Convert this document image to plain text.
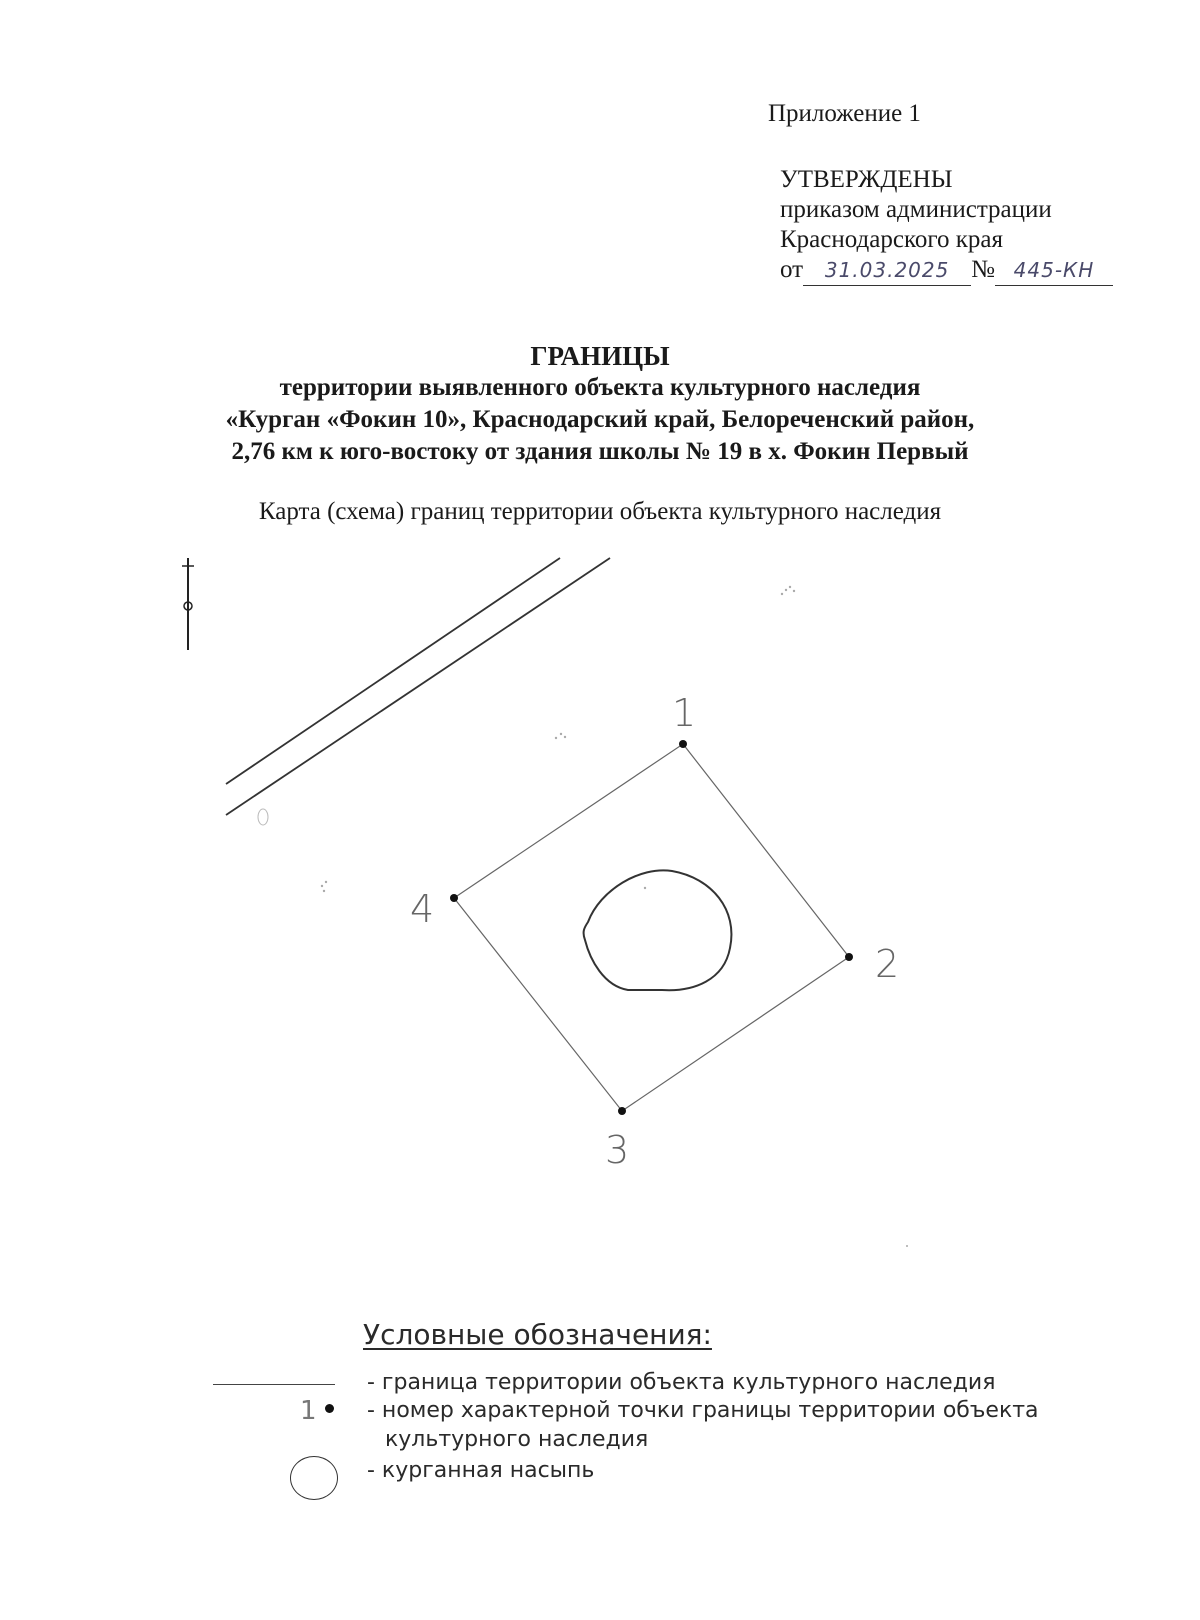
Приложение 1
УТВЕРЖДЕНЫ
приказом администрации
Краснодарского края
от 31.03.2025 № 445-КН
ГРАНИЦЫ
территории выявленного объекта культурного наследия
«Курган «Фокин 10», Краснодарский край, Белореченский район,
2,76 км к юго-востоку от здания школы № 19 в х. Фокин Первый
Карта (схема) границ территории объекта культурного наследия
1
2
3
4
Условные обозначения:
- граница территории объекта культурного наследия
1 - номер характерной точки границы территории объекта
культурного наследия
- курганная насыпь
